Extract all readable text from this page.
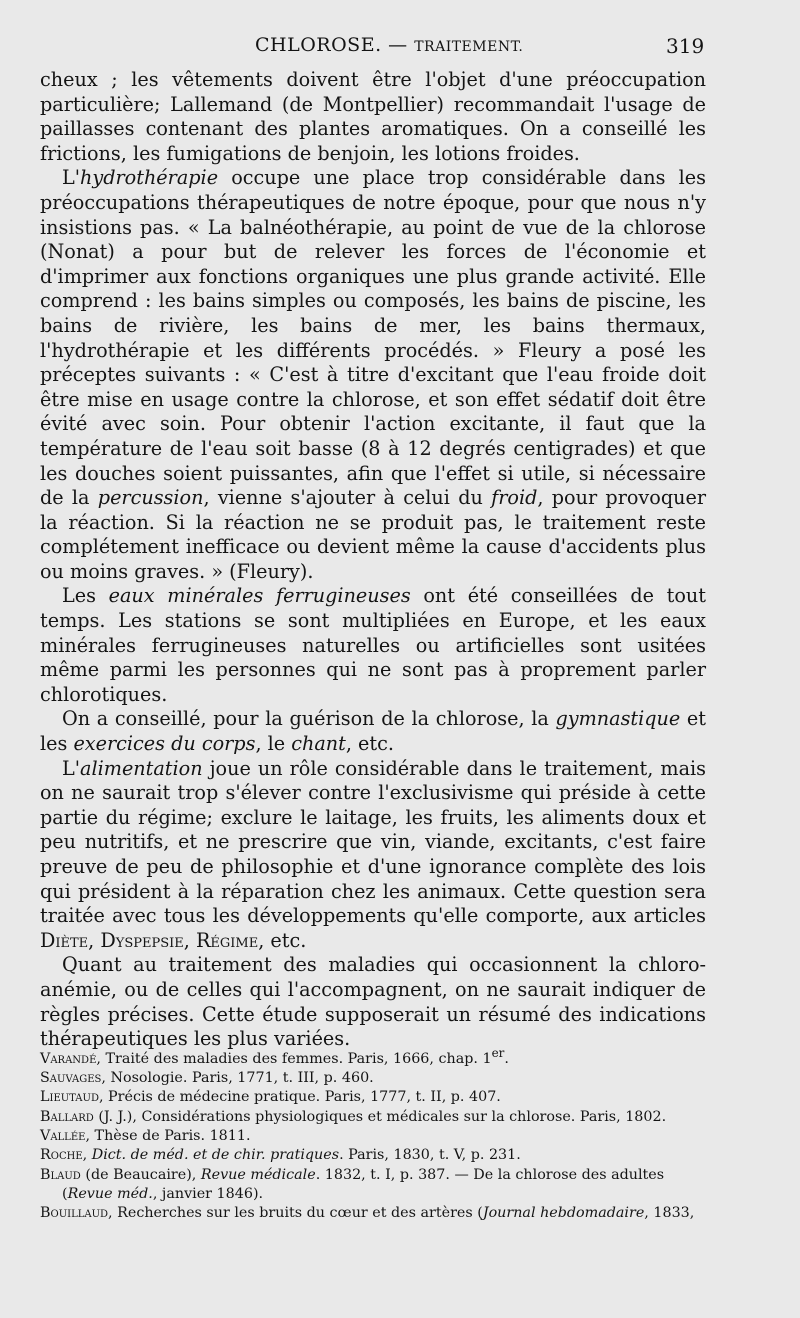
CHLOROSE. — TRAITEMENT.	319

cheux ; les vêtements doivent être l'objet d'une préoccupation particulière; Lallemand (de Montpellier) recommandait l'usage de paillasses contenant des plantes aromatiques. On a conseillé les frictions, les fumigations de benjoin, les lotions froides.

L'hydrothérapie occupe une place trop considérable dans les préoccupations thérapeutiques de notre époque, pour que nous n'y insistions pas. « La balnéothérapie, au point de vue de la chlorose (Nonat) a pour but de relever les forces de l'économie et d'imprimer aux fonctions organiques une plus grande activité. Elle comprend : les bains simples ou composés, les bains de piscine, les bains de rivière, les bains de mer, les bains thermaux, l'hydrothérapie et les différents procédés. » Fleury a posé les préceptes suivants : « C'est à titre d'excitant que l'eau froide doit être mise en usage contre la chlorose, et son effet sédatif doit être évité avec soin. Pour obtenir l'action excitante, il faut que la température de l'eau soit basse (8 à 12 degrés centigrades) et que les douches soient puissantes, afin que l'effet si utile, si nécessaire de la percussion, vienne s'ajouter à celui du froid, pour provoquer la réaction. Si la réaction ne se produit pas, le traitement reste complétement inefficace ou devient même la cause d'accidents plus ou moins graves. » (Fleury).

Les eaux minérales ferrugineuses ont été conseillées de tout temps. Les stations se sont multipliées en Europe, et les eaux minérales ferrugineuses naturelles ou artificielles sont usitées même parmi les personnes qui ne sont pas à proprement parler chlorotiques.

On a conseillé, pour la guérison de la chlorose, la gymnastique et les exercices du corps, le chant, etc.

L'alimentation joue un rôle considérable dans le traitement, mais on ne saurait trop s'élever contre l'exclusivisme qui préside à cette partie du régime; exclure le laitage, les fruits, les aliments doux et peu nutritifs, et ne prescrire que vin, viande, excitants, c'est faire preuve de peu de philosophie et d'une ignorance complète des lois qui président à la réparation chez les animaux. Cette question sera traitée avec tous les développements qu'elle comporte, aux articles Diète, Dyspepsie, Régime, etc.

Quant au traitement des maladies qui occasionnent la chloro-anémie, ou de celles qui l'accompagnent, on ne saurait indiquer de règles précises. Cette étude supposerait un résumé des indications thérapeutiques les plus variées.

Varandé, Traité des maladies des femmes. Paris, 1666, chap. 1er.

Sauvages, Nosologie. Paris, 1771, t. III, p. 460.

Lieutaud, Précis de médecine pratique. Paris, 1777, t. II, p. 407.

Ballard (J. J.), Considérations physiologiques et médicales sur la chlorose. Paris, 1802.

Vallée, Thèse de Paris. 1811.

Roche, Dict. de méd. et de chir. pratiques. Paris, 1830, t. V, p. 231.

Blaud (de Beaucaire), Revue médicale. 1832, t. I, p. 387. — De la chlorose des adultes (Revue méd., janvier 1846).

Bouillaud, Recherches sur les bruits du cœur et des artères (Journal hebdomadaire, 1833,
